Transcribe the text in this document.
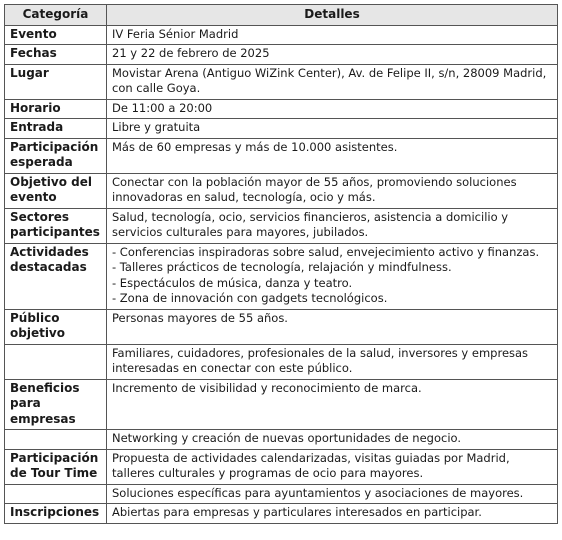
Categoría	Detalles
Evento	IV Feria Sénior Madrid
Fechas	21 y 22 de febrero de 2025
Lugar	Movistar Arena (Antiguo WiZink Center), Av. de Felipe II, s/n, 28009 Madrid, con calle Goya.
Horario	De 11:00 a 20:00
Entrada	Libre y gratuita
Participación esperada	Más de 60 empresas y más de 10.000 asistentes.
Objetivo del evento	Conectar con la población mayor de 55 años, promoviendo soluciones innovadoras en salud, tecnología, ocio y más.
Sectores participantes	Salud, tecnología, ocio, servicios financieros, asistencia a domicilio y servicios culturales para mayores, jubilados.
Actividades destacadas	- Conferencias inspiradoras sobre salud, envejecimiento activo y finanzas.
- Talleres prácticos de tecnología, relajación y mindfulness.
- Espectáculos de música, danza y teatro.
- Zona de innovación con gadgets tecnológicos.

Público objetivo	Personas mayores de 55 años.
	Familiares, cuidadores, profesionales de la salud, inversores y empresas interesadas en conectar con este público.
Beneficios para empresas	Incremento de visibilidad y reconocimiento de marca.
	Networking y creación de nuevas oportunidades de negocio.
Participación de Tour Time	Propuesta de actividades calendarizadas, visitas guiadas por Madrid, talleres culturales y programas de ocio para mayores.
	Soluciones específicas para ayuntamientos y asociaciones de mayores.
Inscripciones	Abiertas para empresas y particulares interesados en participar.
